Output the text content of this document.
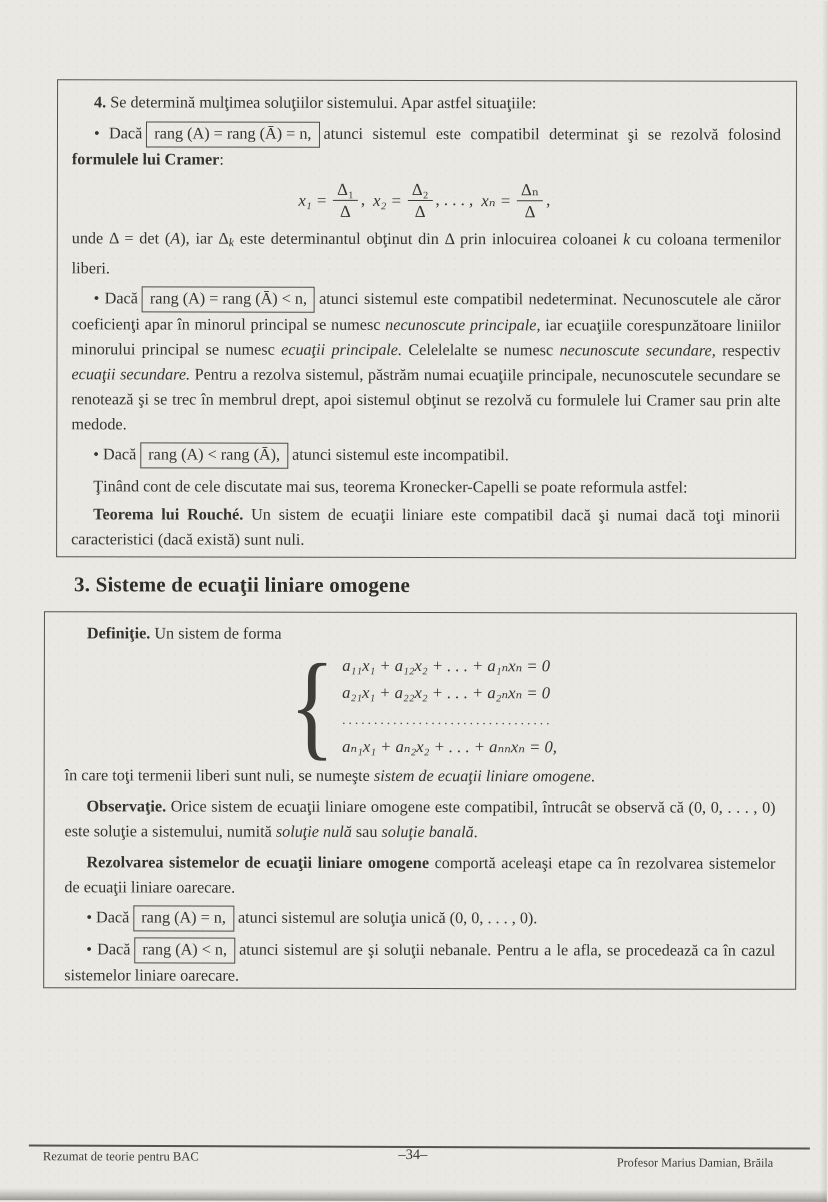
4. Se determină mulţimea soluţiilor sistemului. Apar astfel situaţiile:

• Dacă rang (A) = rang (Ā) = n, atunci sistemul este compatibil determinat şi se rezolvă folosind formulele lui Cramer:

$x_1 = \frac{\text{Δ₁}}{\Delta}$ , $x_2 = \frac{\text{Δ₂}}{\Delta}$ , . . . , $x_n = \frac{\text{Δₙ}}{\Delta}$ ,

unde Δ = det (A), iar Δk este determinantul obţinut din Δ prin inlocuirea coloanei k cu coloana termenilor liberi.

• Dacă rang (A) = rang (Ā) < n, atunci sistemul este compatibil nedeterminat. Necunoscutele ale căror coeficienţi apar în minorul principal se numesc necunoscute principale, iar ecuaţiile corespunzătoare liniilor minorului principal se numesc ecuaţii principale. Celelelalte se numesc necunoscute secundare, respectiv ecuaţii secundare. Pentru a rezolva sistemul, păstrăm numai ecuaţiile principale, necunoscutele secundare se renotează şi se trec în membrul drept, apoi sistemul obţinut se rezolvă cu formulele lui Cramer sau prin alte medode.

• Dacă rang (A) < rang (Ā), atunci sistemul este incompatibil.

Ţinând cont de cele discutate mai sus, teorema Kronecker-Capelli se poate reformula astfel:

Teorema lui Rouché. Un sistem de ecuaţii liniare este compatibil dacă şi numai dacă toţi minorii caracteristici (dacă există) sunt nuli.

3. Sisteme de ecuaţii liniare omogene

Definiţie. Un sistem de forma

{ a₁₁x₁ + a₁₂x₂ + . . . + a₁ₙxₙ = 0
a₂₁x₁ + a₂₂x₂ + . . . + a₂ₙxₙ = 0
.................................
aₙ₁x₁ + aₙ₂x₂ + . . . + aₙₙxₙ = 0,

în care toţi termenii liberi sunt nuli, se numeşte sistem de ecuaţii liniare omogene.

Observaţie. Orice sistem de ecuaţii liniare omogene este compatibil, întrucât se observă că (0, 0, . . . , 0) este soluţie a sistemului, numită soluţie nulă sau soluţie banală.

Rezolvarea sistemelor de ecuaţii liniare omogene comportă aceleaşi etape ca în rezolvarea sistemelor de ecuaţii liniare oarecare.

• Dacă rang (A) = n, atunci sistemul are soluţia unică (0, 0, . . . , 0).

• Dacă rang (A) < n, atunci sistemul are şi soluţii nebanale. Pentru a le afla, se procedează ca în cazul sistemelor liniare oarecare.

Rezumat de teorie pentru BAC	–34–	Profesor Marius Damian, Brăila
